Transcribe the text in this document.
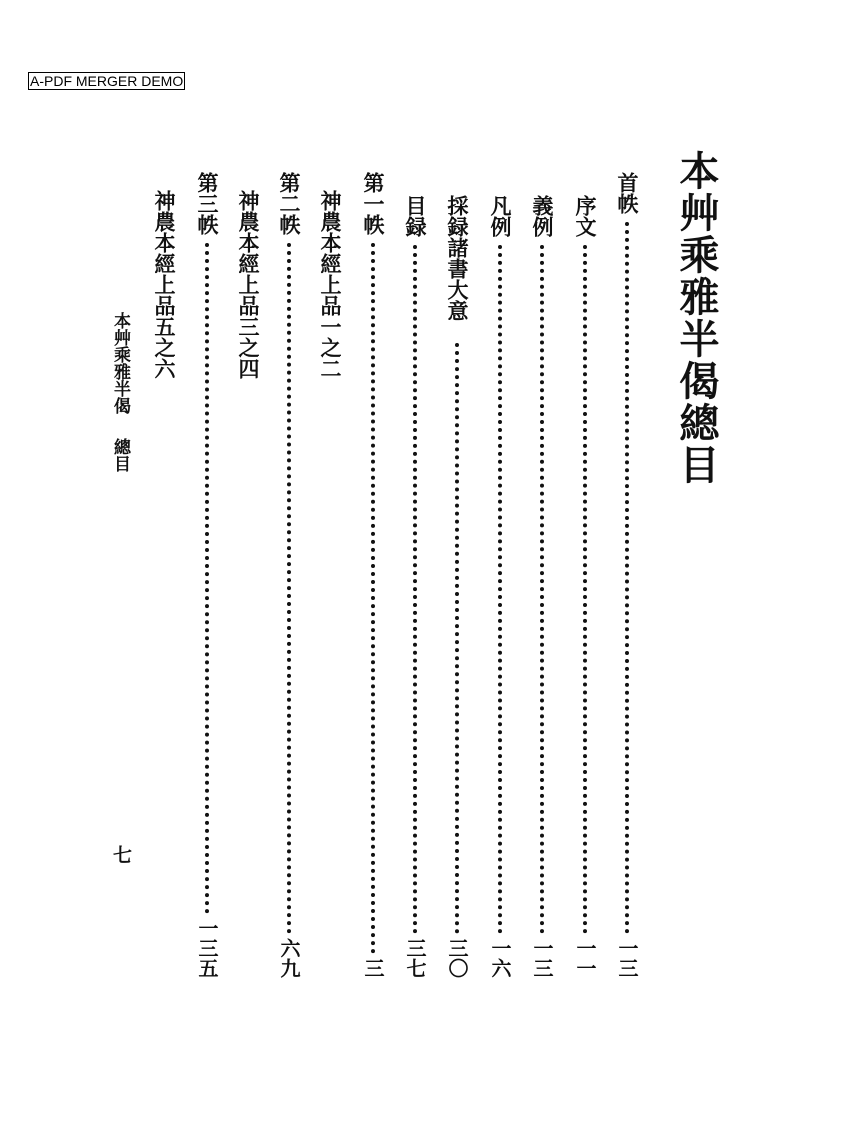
A-PDF MERGER DEMO
本艸乘雅半偈總目
首帙
一三
序文
一一
義例
一三
凡例
一六
採録諸書大意
三〇
目録
三七
第一帙
三
神農本經上品一之二
第二帙
六九
神農本經上品三之四
第三帙
一三五
神農本經上品五之六
本艸乘雅半偈總目
七
